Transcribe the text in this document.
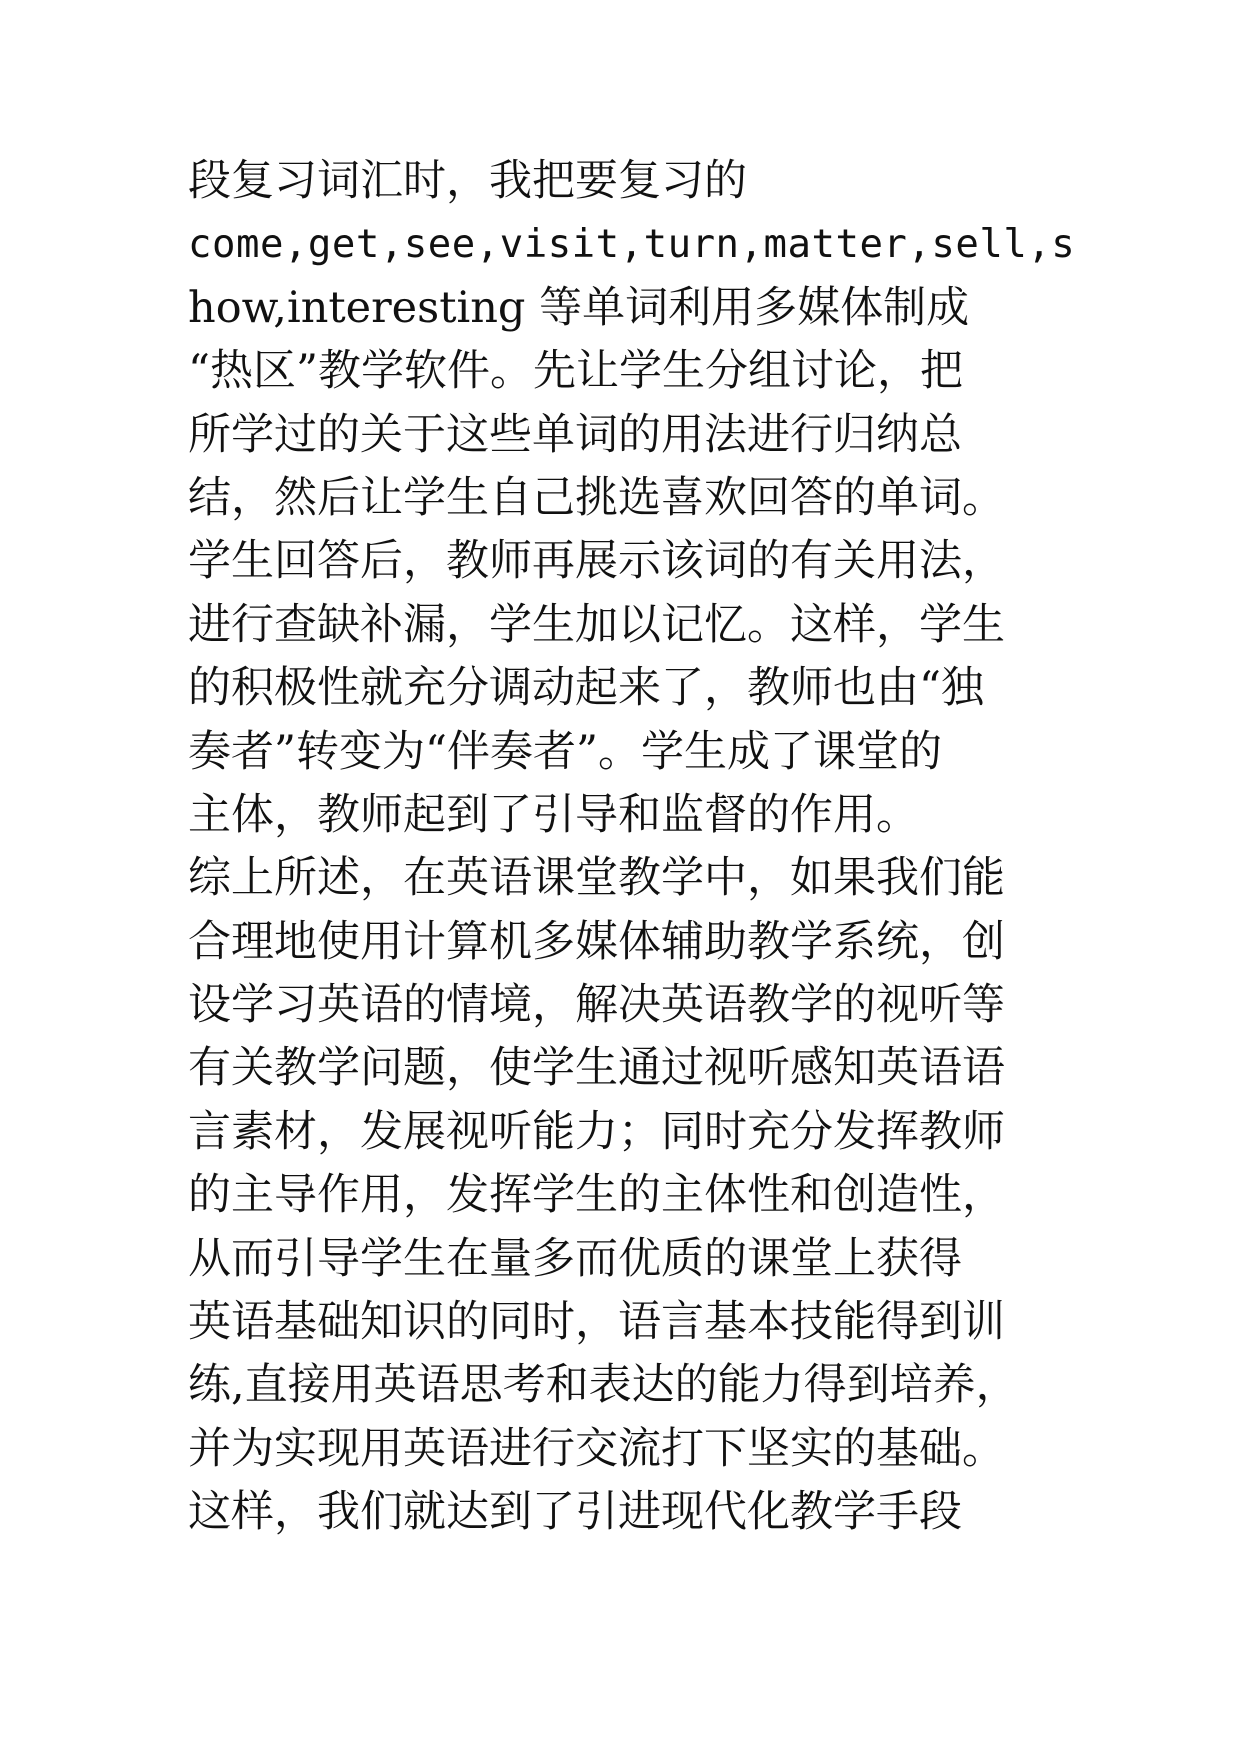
段复习词汇时，我把要复习的
come,get,see,visit,turn,matter,sell,s
how,interesting 等单词利用多媒体制成
“热区”教学软件。先让学生分组讨论，把
所学过的关于这些单词的用法进行归纳总
结，然后让学生自己挑选喜欢回答的单词。
学生回答后，教师再展示该词的有关用法，
进行查缺补漏，学生加以记忆。这样，学生
的积极性就充分调动起来了，教师也由“独
奏者”转变为“伴奏者”。学生成了课堂的
主体，教师起到了引导和监督的作用。
综上所述，在英语课堂教学中，如果我们能
合理地使用计算机多媒体辅助教学系统，创
设学习英语的情境，解决英语教学的视听等
有关教学问题，使学生通过视听感知英语语
言素材，发展视听能力；同时充分发挥教师
的主导作用，发挥学生的主体性和创造性，
从而引导学生在量多而优质的课堂上获得
英语基础知识的同时，语言基本技能得到训
练,直接用英语思考和表达的能力得到培养，
并为实现用英语进行交流打下坚实的基础。
这样，我们就达到了引进现代化教学手段
